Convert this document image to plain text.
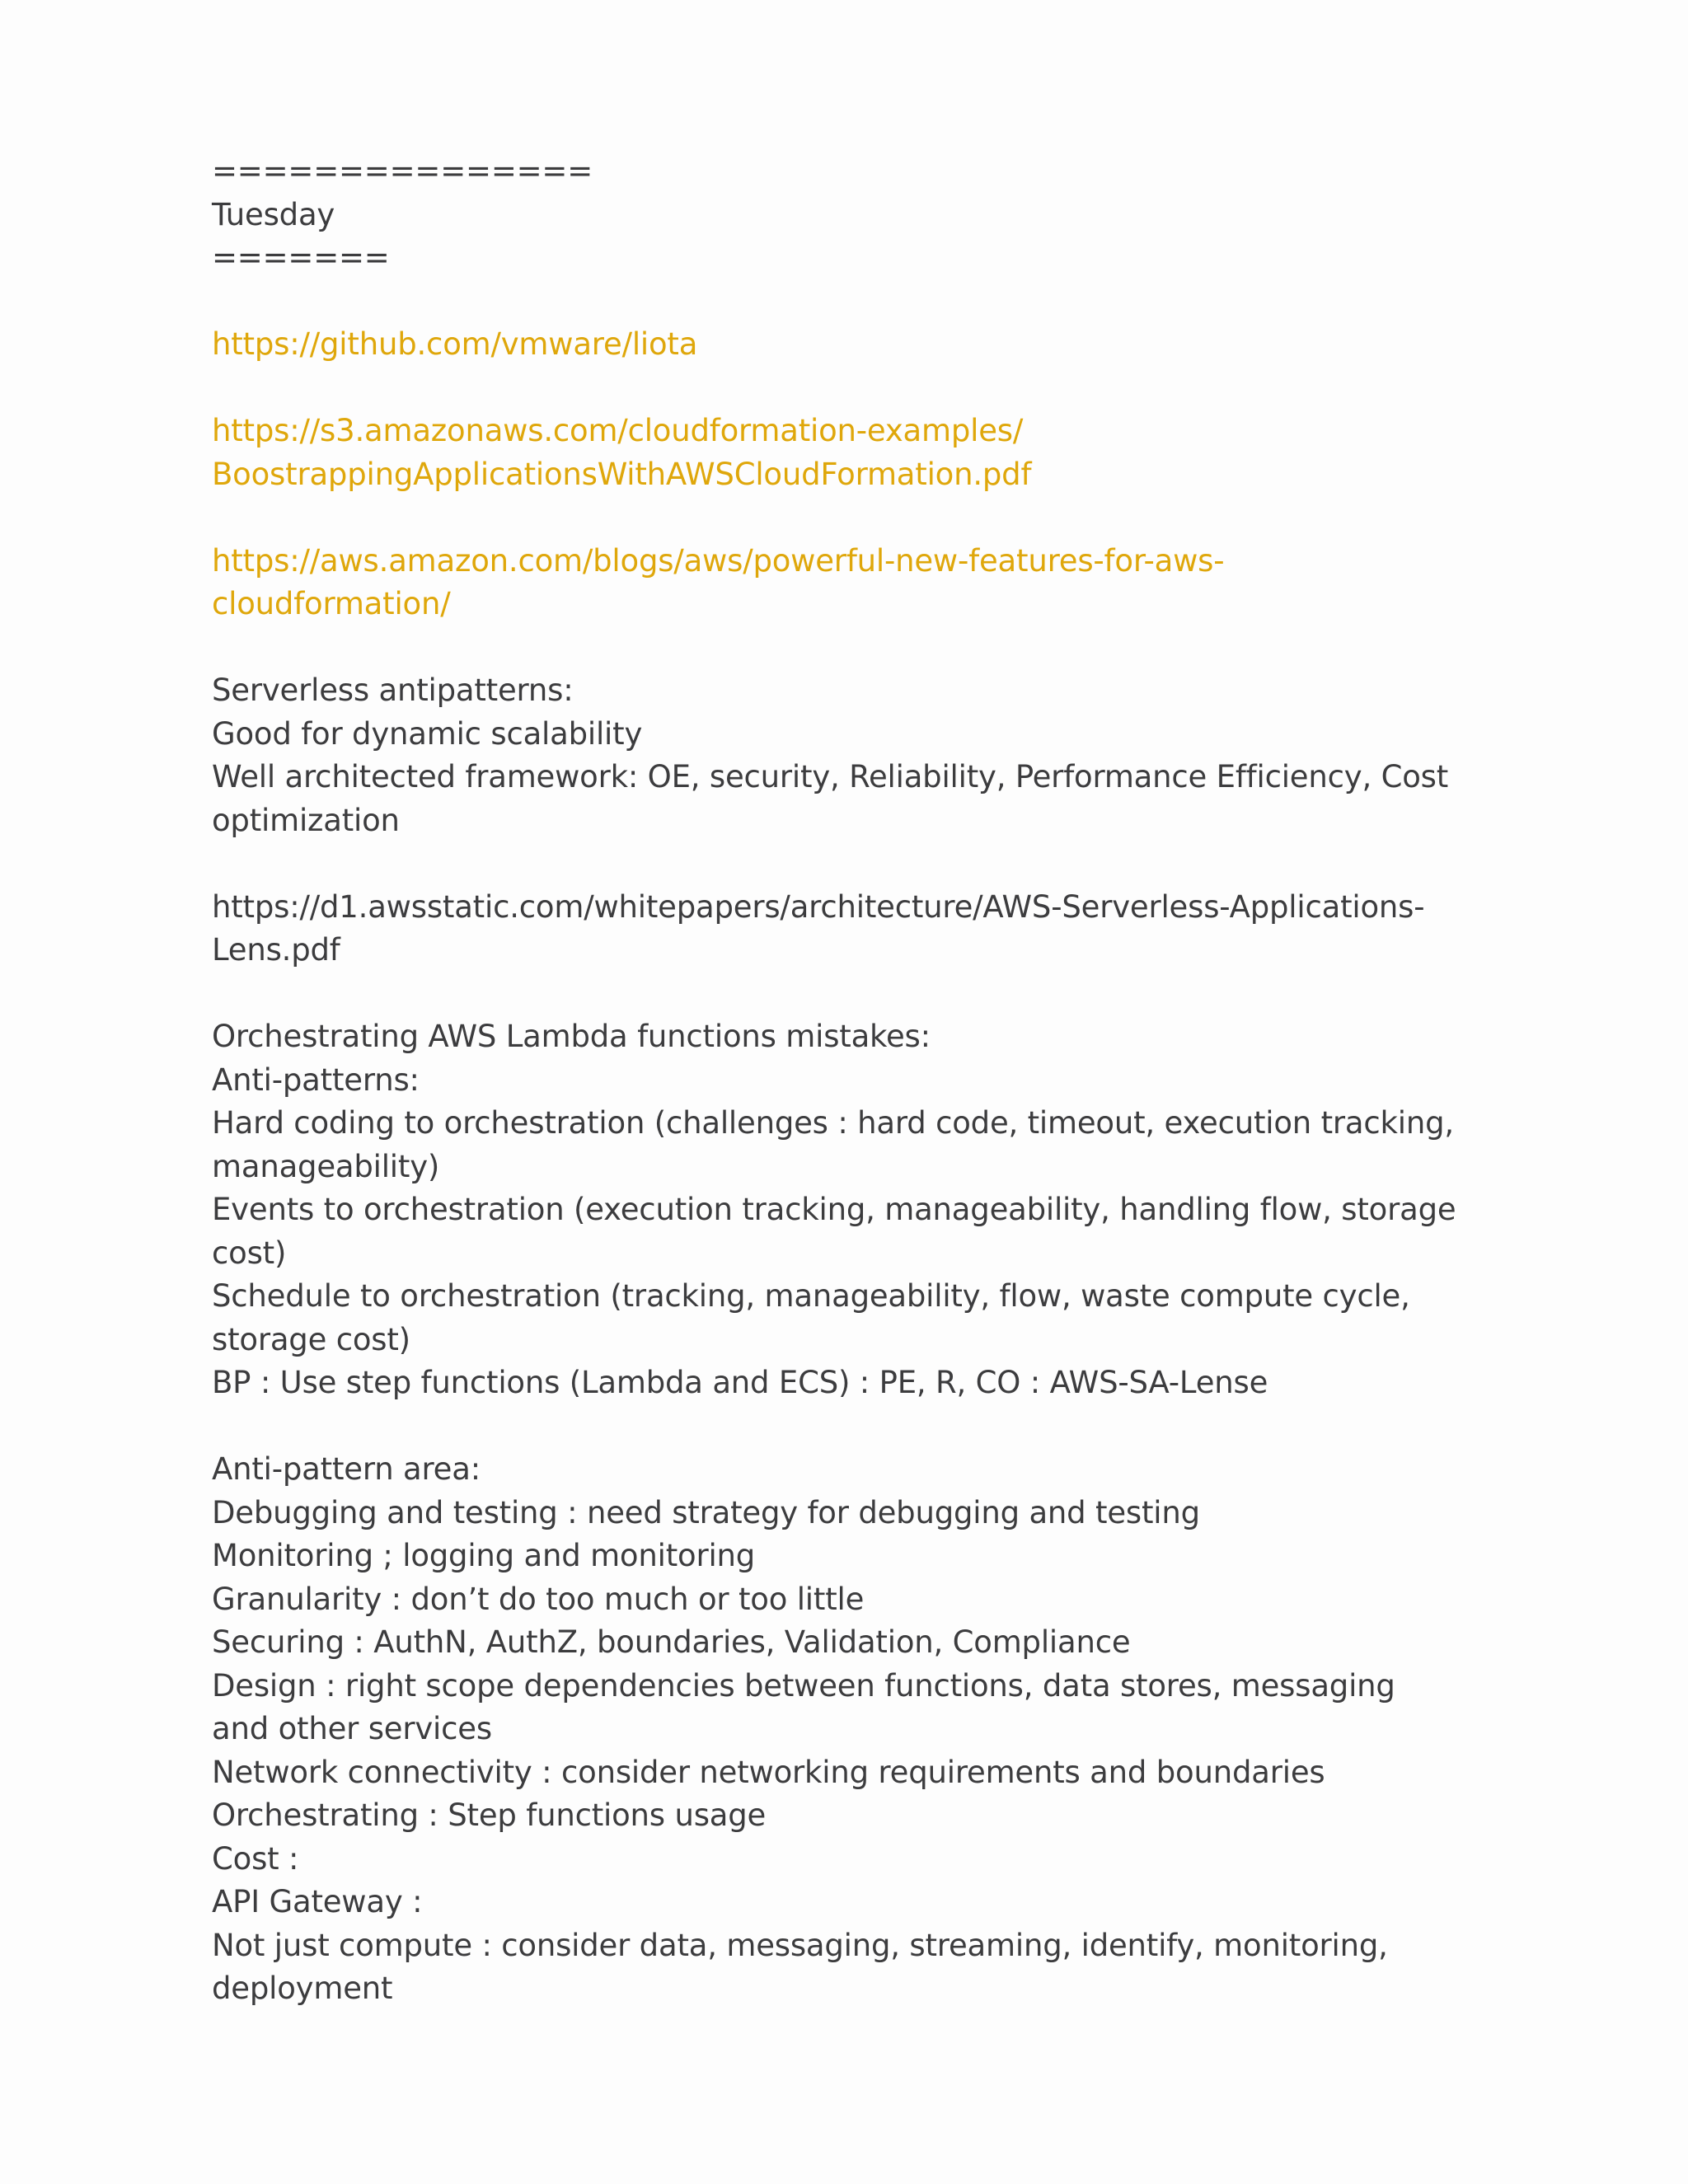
===============
Tuesday
=======
https://github.com/vmware/liota
https://s3.amazonaws.com/cloudformation-examples/
BoostrappingApplicationsWithAWSCloudFormation.pdf
https://aws.amazon.com/blogs/aws/powerful-new-features-for-aws-
cloudformation/
Serverless antipatterns:
Good for dynamic scalability
Well architected framework: OE, security, Reliability, Performance Efficiency, Cost
optimization
https://d1.awsstatic.com/whitepapers/architecture/AWS-Serverless-Applications-
Lens.pdf
Orchestrating AWS Lambda functions mistakes:
Anti-patterns:
Hard coding to orchestration (challenges : hard code, timeout, execution tracking,
manageability)
Events to orchestration (execution tracking, manageability, handling flow, storage
cost)
Schedule to orchestration (tracking, manageability, flow, waste compute cycle,
storage cost)
BP : Use step functions (Lambda and ECS) : PE, R, CO : AWS-SA-Lense
Anti-pattern area:
Debugging and testing : need strategy for debugging and testing
Monitoring ; logging and monitoring
Granularity : don’t do too much or too little
Securing : AuthN, AuthZ, boundaries, Validation, Compliance
Design : right scope dependencies between functions, data stores, messaging
and other services
Network connectivity : consider networking requirements and boundaries
Orchestrating : Step functions usage
Cost :
API Gateway :
Not just compute : consider data, messaging, streaming, identify, monitoring,
deployment
